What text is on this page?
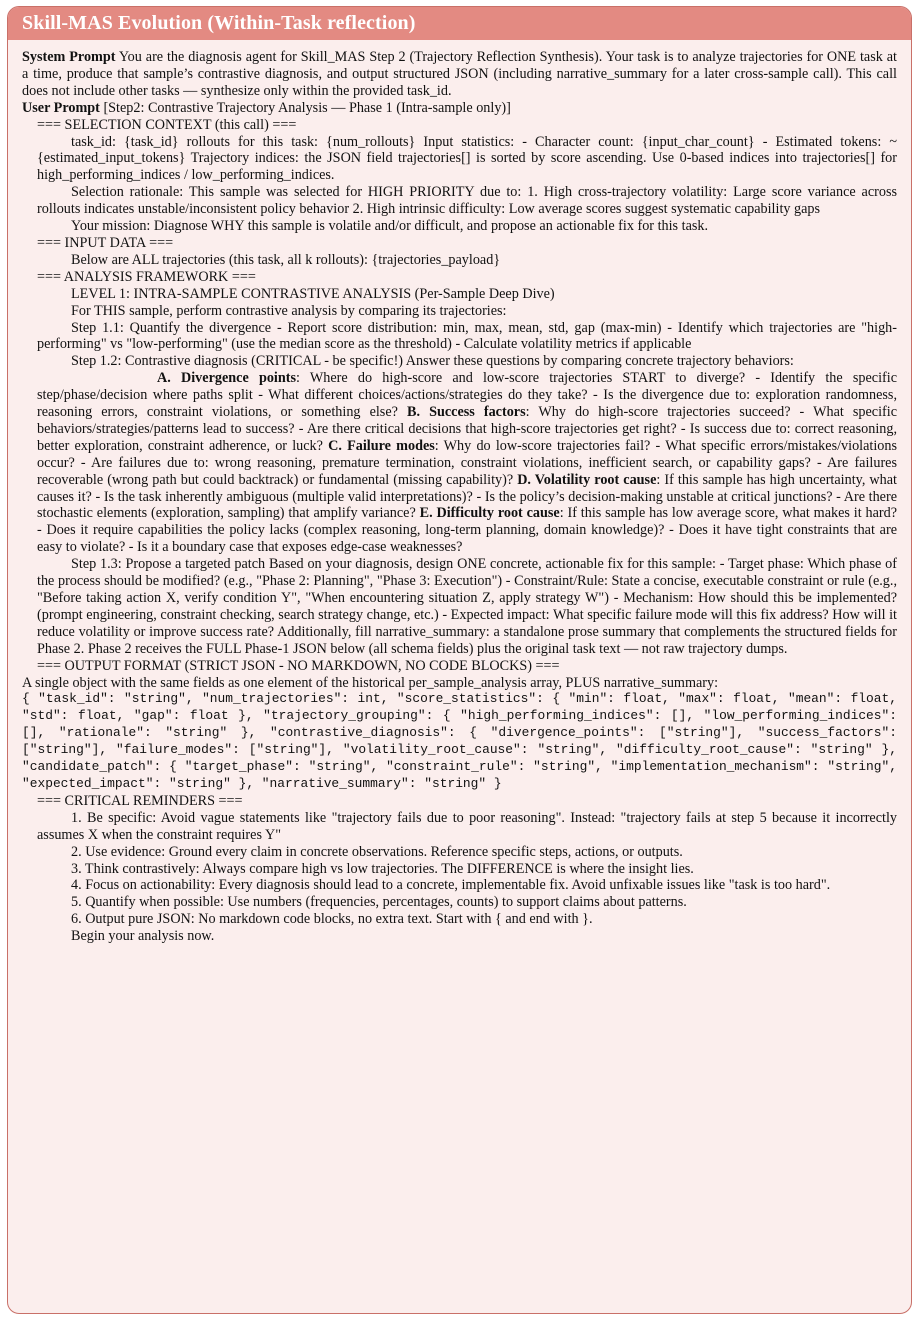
Skill-MAS Evolution (Within-Task reflection)

System Prompt You are the diagnosis agent for Skill_MAS Step 2 (Trajectory Reflection Synthesis). Your task is to analyze trajectories for ONE task at a time, produce that sample’s contrastive diagnosis, and output structured JSON (including narrative_summary for a later cross-sample call). This call does not include other tasks — synthesize only within the provided task_id.

User Prompt [Step2: Contrastive Trajectory Analysis — Phase 1 (Intra-sample only)]

=== SELECTION CONTEXT (this call) ===

task_id: {task_id} rollouts for this task: {num_rollouts} Input statistics: - Character count: {input_char_count} - Estimated tokens: ~{estimated_input_tokens} Trajectory indices: the JSON field trajectories[] is sorted by score ascending. Use 0-based indices into trajectories[] for high_performing_indices / low_performing_indices.

Selection rationale: This sample was selected for HIGH PRIORITY due to: 1. High cross-trajectory volatility: Large score variance across rollouts indicates unstable/inconsistent policy behavior 2. High intrinsic difficulty: Low average scores suggest systematic capability gaps

Your mission: Diagnose WHY this sample is volatile and/or difficult, and propose an actionable fix for this task.

=== INPUT DATA ===

Below are ALL trajectories (this task, all k rollouts): {trajectories_payload}

=== ANALYSIS FRAMEWORK ===

LEVEL 1: INTRA-SAMPLE CONTRASTIVE ANALYSIS (Per-Sample Deep Dive)

For THIS sample, perform contrastive analysis by comparing its trajectories:

Step 1.1: Quantify the divergence - Report score distribution: min, max, mean, std, gap (max-min) - Identify which trajectories are "high-performing" vs "low-performing" (use the median score as the threshold) - Calculate volatility metrics if applicable

Step 1.2: Contrastive diagnosis (CRITICAL - be specific!) Answer these questions by comparing concrete trajectory behaviors:

A. Divergence points: Where do high-score and low-score trajectories START to diverge? - Identify the specific step/phase/decision where paths split - What different choices/actions/strategies do they take? - Is the divergence due to: exploration randomness, reasoning errors, constraint violations, or something else? B. Success factors: Why do high-score trajectories succeed? - What specific behaviors/strategies/patterns lead to success? - Are there critical decisions that high-score trajectories get right? - Is success due to: correct reasoning, better exploration, constraint adherence, or luck? C. Failure modes: Why do low-score trajectories fail? - What specific errors/mistakes/violations occur? - Are failures due to: wrong reasoning, premature termination, constraint violations, inefficient search, or capability gaps? - Are failures recoverable (wrong path but could backtrack) or fundamental (missing capability)? D. Volatility root cause: If this sample has high uncertainty, what causes it? - Is the task inherently ambiguous (multiple valid interpretations)? - Is the policy’s decision-making unstable at critical junctions? - Are there stochastic elements (exploration, sampling) that amplify variance? E. Difficulty root cause: If this sample has low average score, what makes it hard? - Does it require capabilities the policy lacks (complex reasoning, long-term planning, domain knowledge)? - Does it have tight constraints that are easy to violate? - Is it a boundary case that exposes edge-case weaknesses?

Step 1.3: Propose a targeted patch Based on your diagnosis, design ONE concrete, actionable fix for this sample: - Target phase: Which phase of the process should be modified? (e.g., "Phase 2: Planning", "Phase 3: Execution") - Constraint/Rule: State a concise, executable constraint or rule (e.g., "Before taking action X, verify condition Y", "When encountering situation Z, apply strategy W") - Mechanism: How should this be implemented? (prompt engineering, constraint checking, search strategy change, etc.) - Expected impact: What specific failure mode will this fix address? How will it reduce volatility or improve success rate? Additionally, fill narrative_summary: a standalone prose summary that complements the structured fields for Phase 2. Phase 2 receives the FULL Phase-1 JSON below (all schema fields) plus the original task text — not raw trajectory dumps.

=== OUTPUT FORMAT (STRICT JSON - NO MARKDOWN, NO CODE BLOCKS) ===

A single object with the same fields as one element of the historical per_sample_analysis array, PLUS narrative_summary:

{ "task_id": "string", "num_trajectories": int, "score_statistics": { "min": float, "max": float, "mean": float, "std": float, "gap": float }, "trajectory_grouping": { "high_performing_indices": [], "low_performing_indices": [], "rationale": "string" }, "contrastive_diagnosis": { "divergence_points": ["string"], "success_factors": ["string"], "failure_modes": ["string"], "volatility_root_cause": "string", "difficulty_root_cause": "string" }, "candidate_patch": { "target_phase": "string", "constraint_rule": "string", "implementation_mechanism": "string", "expected_impact": "string" }, "narrative_summary": "string" }

=== CRITICAL REMINDERS ===

1. Be specific: Avoid vague statements like "trajectory fails due to poor reasoning". Instead: "trajectory fails at step 5 because it incorrectly assumes X when the constraint requires Y"

2. Use evidence: Ground every claim in concrete observations. Reference specific steps, actions, or outputs.

3. Think contrastively: Always compare high vs low trajectories. The DIFFERENCE is where the insight lies.

4. Focus on actionability: Every diagnosis should lead to a concrete, implementable fix. Avoid unfixable issues like "task is too hard".

5. Quantify when possible: Use numbers (frequencies, percentages, counts) to support claims about patterns.

6. Output pure JSON: No markdown code blocks, no extra text. Start with { and end with }.

Begin your analysis now.
